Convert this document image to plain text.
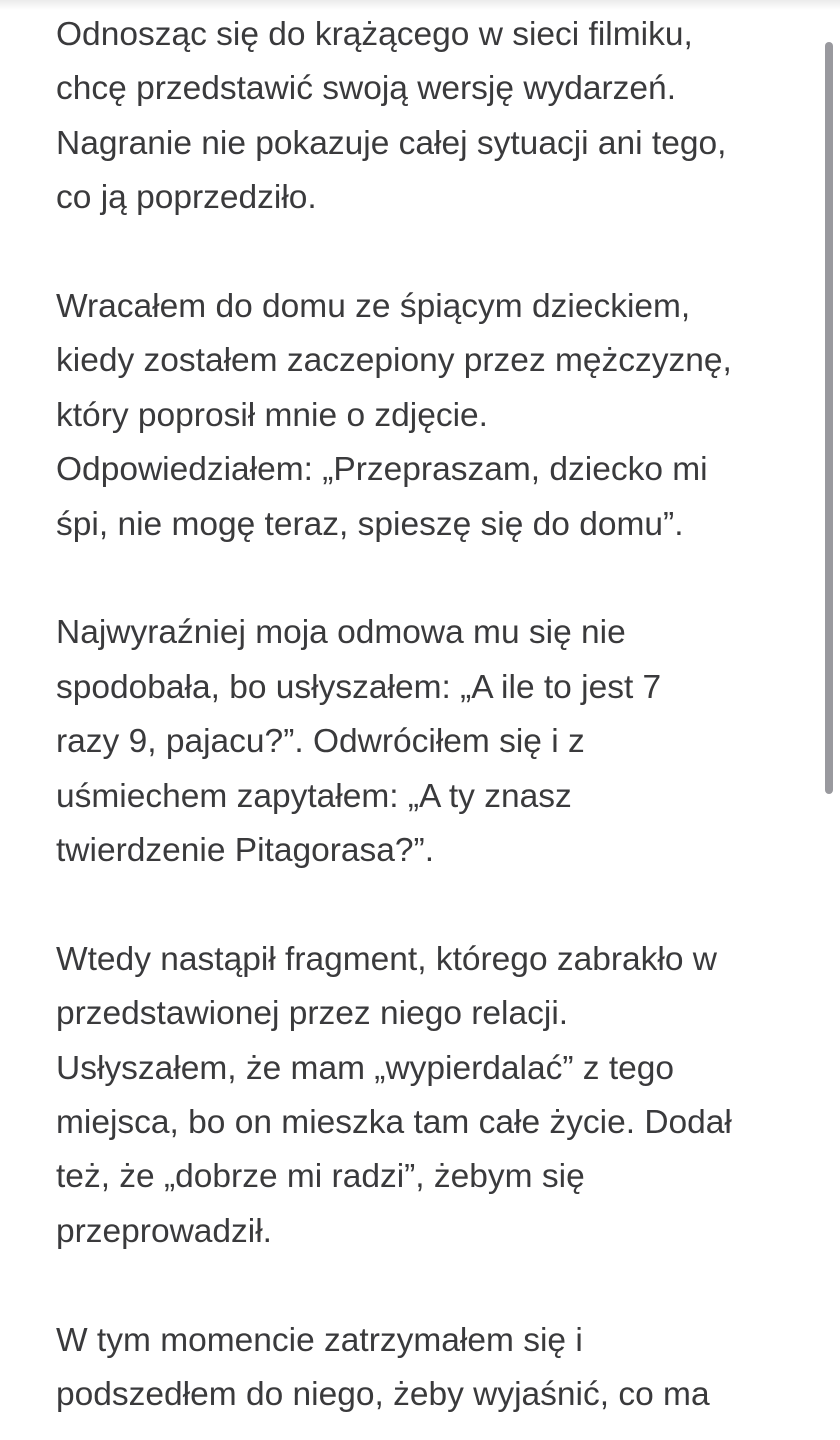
Odnosząc się do krążącego w sieci filmiku,
chcę przedstawić swoją wersję wydarzeń.
Nagranie nie pokazuje całej sytuacji ani tego,
co ją poprzedziło.

Wracałem do domu ze śpiącym dzieckiem,
kiedy zostałem zaczepiony przez mężczyznę,
który poprosił mnie o zdjęcie.
Odpowiedziałem: „Przepraszam, dziecko mi
śpi, nie mogę teraz, spieszę się do domu”.

Najwyraźniej moja odmowa mu się nie
spodobała, bo usłyszałem: „A ile to jest 7
razy 9, pajacu?”. Odwróciłem się i z
uśmiechem zapytałem: „A ty znasz
twierdzenie Pitagorasa?”.

Wtedy nastąpił fragment, którego zabrakło w
przedstawionej przez niego relacji.
Usłyszałem, że mam „wypierdalać” z tego
miejsca, bo on mieszka tam całe życie. Dodał
też, że „dobrze mi radzi”, żebym się
przeprowadził.

W tym momencie zatrzymałem się i
podszedłem do niego, żeby wyjaśnić, co ma
